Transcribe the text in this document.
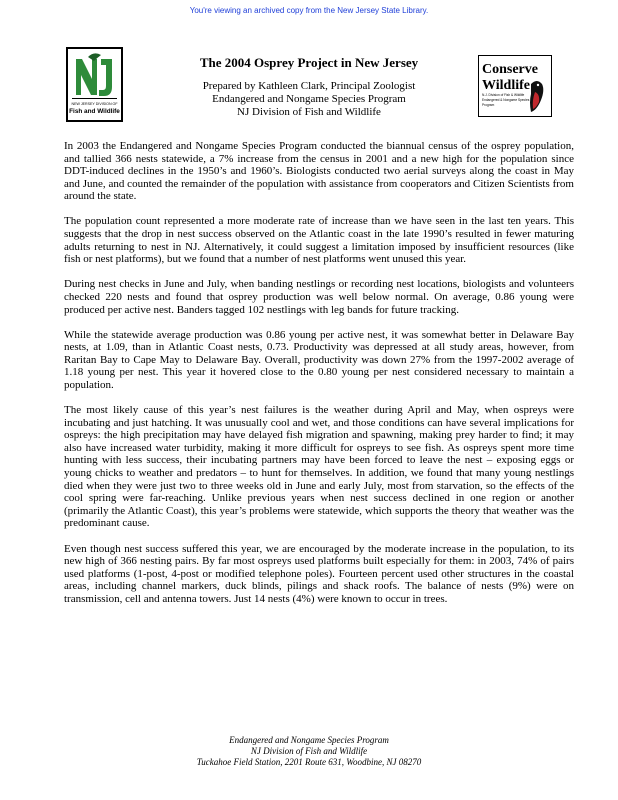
You're viewing an archived copy from the New Jersey State Library.
NEW JERSEY DIVISION OF
Fish and Wildlife
Conserve
Wildlife
N.J. Division of Fish & Wildlife
Endangered & Nongame Species
Program
The 2004 Osprey Project in New Jersey
Prepared by Kathleen Clark, Principal Zoologist
Endangered and Nongame Species Program
NJ Division of Fish and Wildlife

In 2003 the Endangered and Nongame Species Program conducted the biannual census of the osprey population, and tallied 366 nests statewide, a 7% increase from the census in 2001 and a new high for the population since DDT-induced declines in the 1950’s and 1960’s. Biologists conducted two aerial surveys along the coast in May and June, and counted the remainder of the population with assistance from cooperators and Citizen Scientists from around the state.

The population count represented a more moderate rate of increase than we have seen in the last ten years. This suggests that the drop in nest success observed on the Atlantic coast in the late 1990’s resulted in fewer maturing adults returning to nest in NJ. Alternatively, it could suggest a limitation imposed by insufficient resources (like fish or nest platforms), but we found that a number of nest platforms went unused this year.

During nest checks in June and July, when banding nestlings or recording nest locations, biologists and volunteers checked 220 nests and found that osprey production was well below normal. On average, 0.86 young were produced per active nest. Banders tagged 102 nestlings with leg bands for future tracking.

While the statewide average production was 0.86 young per active nest, it was somewhat better in Delaware Bay nests, at 1.09, than in Atlantic Coast nests, 0.73. Productivity was depressed at all study areas, however, from Raritan Bay to Cape May to Delaware Bay. Overall, productivity was down 27% from the 1997-2002 average of 1.18 young per nest. This year it hovered close to the 0.80 young per nest considered necessary to maintain a population.

The most likely cause of this year’s nest failures is the weather during April and May, when ospreys were incubating and just hatching. It was unusually cool and wet, and those conditions can have several implications for ospreys: the high precipitation may have delayed fish migration and spawning, making prey harder to find; it may also have increased water turbidity, making it more difficult for ospreys to see fish. As ospreys spent more time hunting with less success, their incubating partners may have been forced to leave the nest – exposing eggs or young chicks to weather and predators – to hunt for themselves. In addition, we found that many young nestlings died when they were just two to three weeks old in June and early July, most from starvation, so the effects of the cool spring were far-reaching. Unlike previous years when nest success declined in one region or another (primarily the Atlantic Coast), this year’s problems were statewide, which supports the theory that weather was the predominant cause.

Even though nest success suffered this year, we are encouraged by the moderate increase in the population, to its new high of 366 nesting pairs. By far most ospreys used platforms built especially for them: in 2003, 74% of pairs used platforms (1-post, 4-post or modified telephone poles). Fourteen percent used other structures in the coastal areas, including channel markers, duck blinds, pilings and shack roofs. The balance of nests (9%) were on transmission, cell and antenna towers. Just 14 nests (4%) were known to occur in trees.

Endangered and Nongame Species Program
NJ Division of Fish and Wildlife
Tuckahoe Field Station, 2201 Route 631, Woodbine, NJ 08270
